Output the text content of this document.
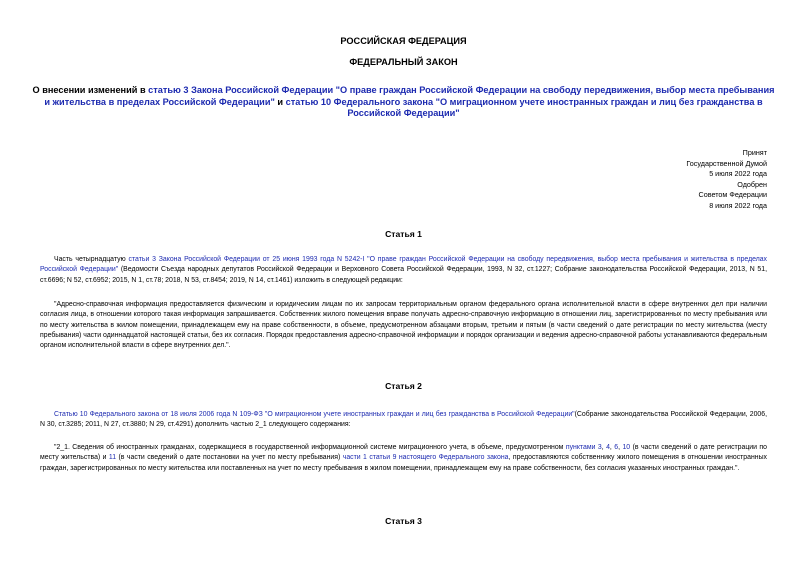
РОССИЙСКАЯ ФЕДЕРАЦИЯ
ФЕДЕРАЛЬНЫЙ ЗАКОН
О внесении изменений в статью 3 Закона Российской Федерации "О праве граждан Российской Федерации на свободу передвижения, выбор места пребывания и жительства в пределах Российской Федерации" и статью 10 Федерального закона "О миграционном учете иностранных граждан и лиц без гражданства в Российской Федерации"
Принят
Государственной Думой
5 июля 2022 года
Одобрен
Советом Федерации
8 июля 2022 года
Статья 1
Часть четырнадцатую статьи 3 Закона Российской Федерации от 25 июня 1993 года N 5242-I "О праве граждан Российской Федерации на свободу передвижения, выбор места пребывания и жительства в пределах Российской Федерации" (Ведомости Съезда народных депутатов Российской Федерации и Верховного Совета Российской Федерации, 1993, N 32, ст.1227; Собрание законодательства Российской Федерации, 2013, N 51, ст.6696; N 52, ст.6952; 2015, N 1, ст.78; 2018, N 53, ст.8454; 2019, N 14, ст.1461) изложить в следующей редакции:
"Адресно-справочная информация предоставляется физическим и юридическим лицам по их запросам территориальным органом федерального органа исполнительной власти в сфере внутренних дел при наличии согласия лица, в отношении которого такая информация запрашивается. Собственник жилого помещения вправе получать адресно-справочную информацию в отношении лиц, зарегистрированных по месту пребывания или по месту жительства в жилом помещении, принадлежащем ему на праве собственности, в объеме, предусмотренном абзацами вторым, третьим и пятым (в части сведений о дате регистрации по месту жительства (месту пребывания) части одиннадцатой настоящей статьи, без их согласия. Порядок предоставления адресно-справочной информации и порядок организации и ведения адресно-справочной работы устанавливаются федеральным органом исполнительной власти в сфере внутренних дел.".
Статья 2
Статью 10 Федерального закона от 18 июля 2006 года N 109-ФЗ "О миграционном учете иностранных граждан и лиц без гражданства в Российской Федерации"(Собрание законодательства Российской Федерации, 2006, N 30, ст.3285; 2011, N 27, ст.3880; N 29, ст.4291) дополнить частью 2_1 следующего содержания:
"2_1. Сведения об иностранных гражданах, содержащиеся в государственной информационной системе миграционного учета, в объеме, предусмотренном пунктами 3, 4, 6, 10 (в части сведений о дате регистрации по месту жительства) и 11 (в части сведений о дате постановки на учет по месту пребывания) части 1 статьи 9 настоящего Федерального закона, предоставляются собственнику жилого помещения в отношении иностранных граждан, зарегистрированных по месту жительства или поставленных на учет по месту пребывания в жилом помещении, принадлежащем ему на праве собственности, без согласия указанных иностранных граждан.".
Статья 3
